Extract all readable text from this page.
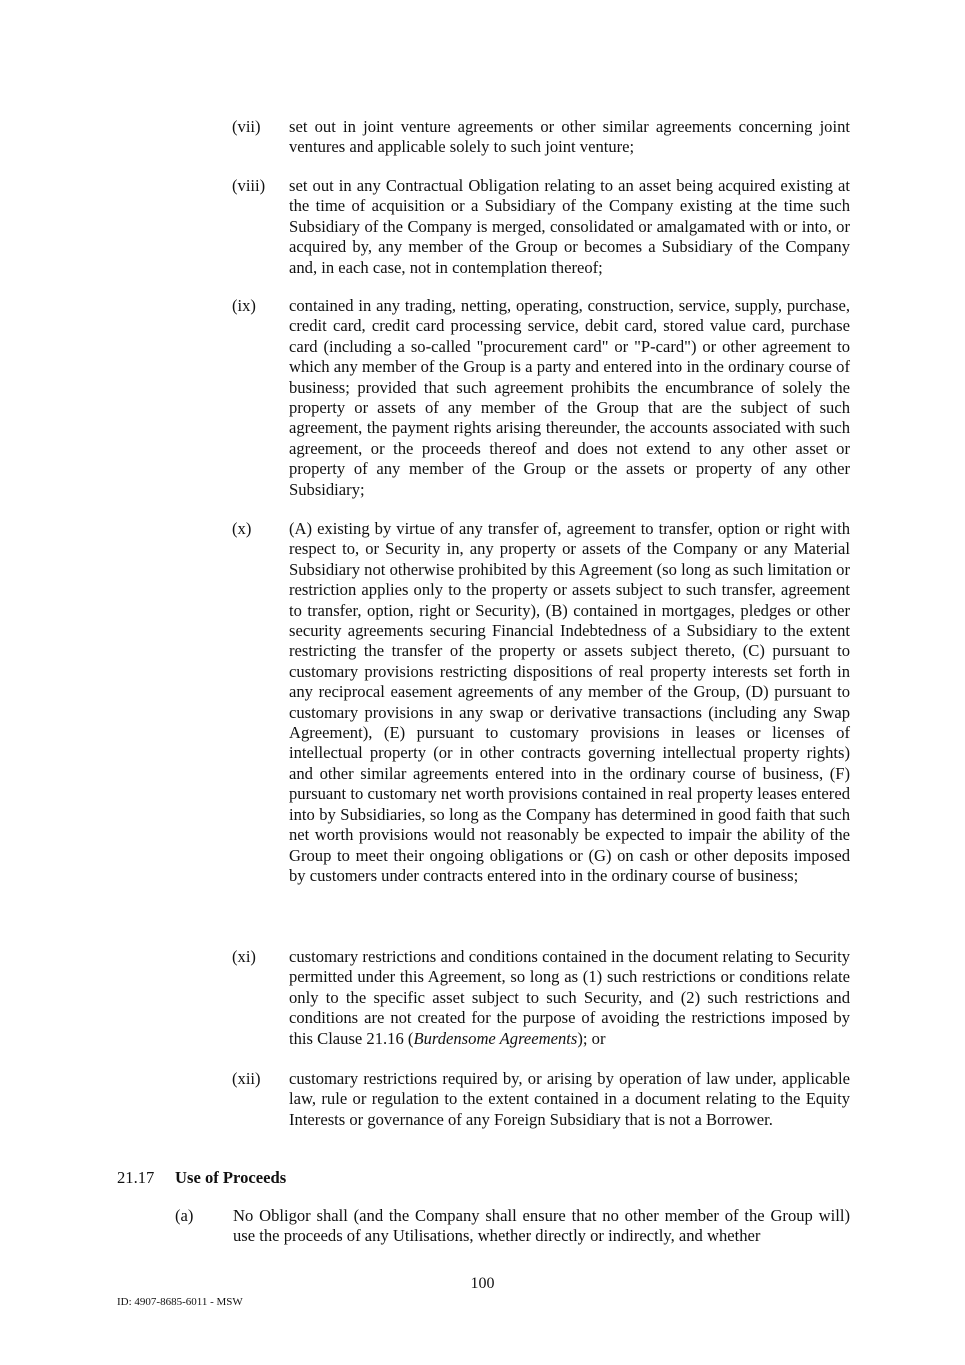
(vii) set out in joint venture agreements or other similar agreements concerning joint ventures and applicable solely to such joint venture;
(viii) set out in any Contractual Obligation relating to an asset being acquired existing at the time of acquisition or a Subsidiary of the Company existing at the time such Subsidiary of the Company is merged, consolidated or amalgamated with or into, or acquired by, any member of the Group or becomes a Subsidiary of the Company and, in each case, not in contemplation thereof;
(ix) contained in any trading, netting, operating, construction, service, supply, purchase, credit card, credit card processing service, debit card, stored value card, purchase card (including a so-called "procurement card" or "P-card") or other agreement to which any member of the Group is a party and entered into in the ordinary course of business; provided that such agreement prohibits the encumbrance of solely the property or assets of any member of the Group that are the subject of such agreement, the payment rights arising thereunder, the accounts associated with such agreement, or the proceeds thereof and does not extend to any other asset or property of any member of the Group or the assets or property of any other Subsidiary;
(x) (A) existing by virtue of any transfer of, agreement to transfer, option or right with respect to, or Security in, any property or assets of the Company or any Material Subsidiary not otherwise prohibited by this Agreement (so long as such limitation or restriction applies only to the property or assets subject to such transfer, agreement to transfer, option, right or Security), (B) contained in mortgages, pledges or other security agreements securing Financial Indebtedness of a Subsidiary to the extent restricting the transfer of the property or assets subject thereto, (C) pursuant to customary provisions restricting dispositions of real property interests set forth in any reciprocal easement agreements of any member of the Group, (D) pursuant to customary provisions in any swap or derivative transactions (including any Swap Agreement), (E) pursuant to customary provisions in leases or licenses of intellectual property (or in other contracts governing intellectual property rights) and other similar agreements entered into in the ordinary course of business, (F) pursuant to customary net worth provisions contained in real property leases entered into by Subsidiaries, so long as the Company has determined in good faith that such net worth provisions would not reasonably be expected to impair the ability of the Group to meet their ongoing obligations or (G) on cash or other deposits imposed by customers under contracts entered into in the ordinary course of business;
(xi) customary restrictions and conditions contained in the document relating to Security permitted under this Agreement, so long as (1) such restrictions or conditions relate only to the specific asset subject to such Security, and (2) such restrictions and conditions are not created for the purpose of avoiding the restrictions imposed by this Clause 21.16 (Burdensome Agreements); or
(xii) customary restrictions required by, or arising by operation of law under, applicable law, rule or regulation to the extent contained in a document relating to the Equity Interests or governance of any Foreign Subsidiary that is not a Borrower.
21.17 Use of Proceeds
(a) No Obligor shall (and the Company shall ensure that no other member of the Group will) use the proceeds of any Utilisations, whether directly or indirectly, and whether
100
ID: 4907-8685-6011 - MSW
